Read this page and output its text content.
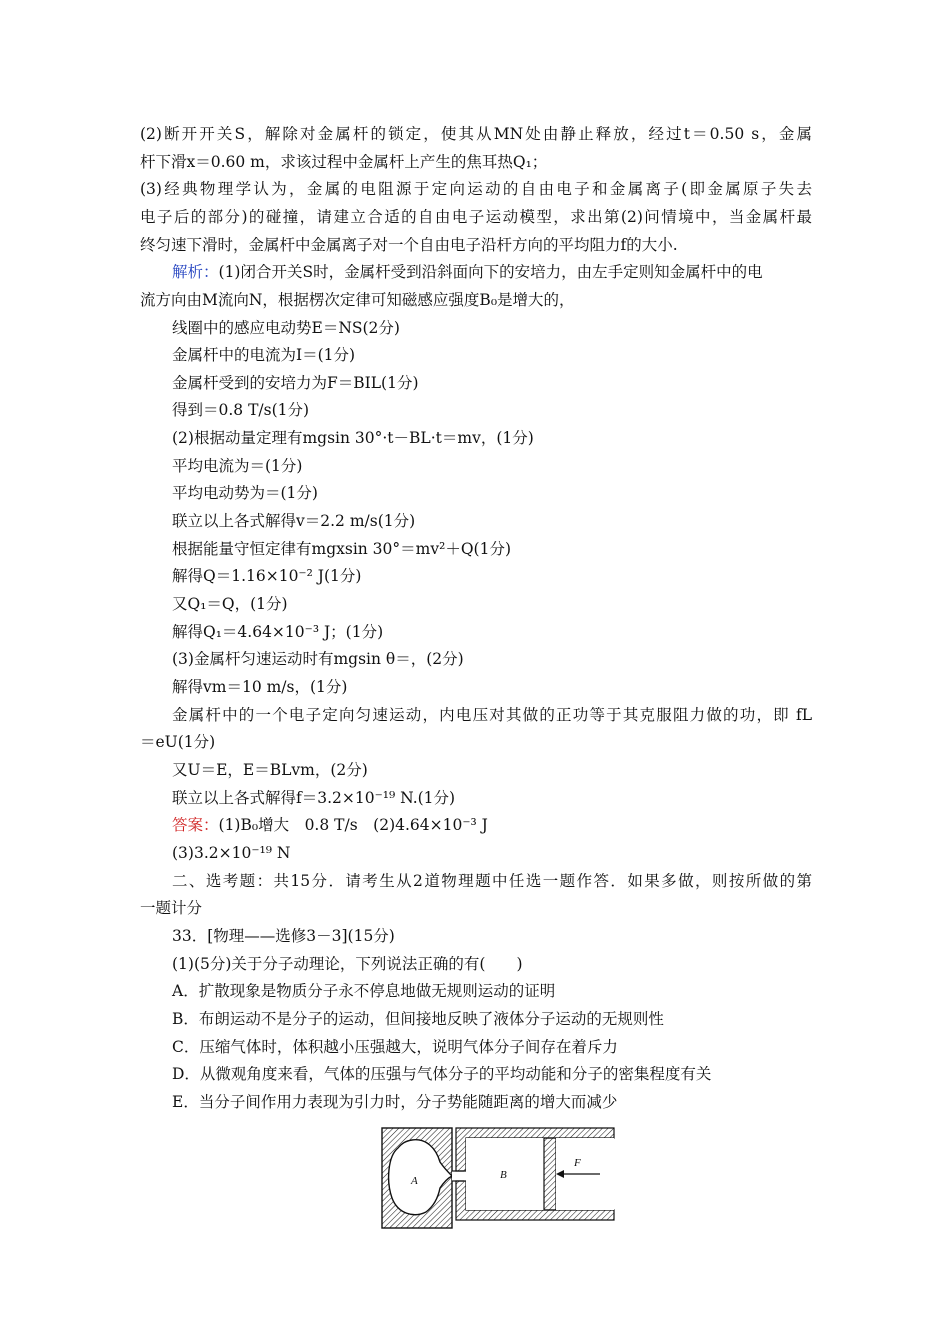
(2)断开开关S，解除对金属杆的锁定，使其从MN处由静止释放，经过t＝0.50 s，金属
杆下滑x＝0.60 m，求该过程中金属杆上产生的焦耳热Q₁；
(3)经典物理学认为，金属的电阻源于定向运动的自由电子和金属离子(即金属原子失去
电子后的部分)的碰撞，请建立合适的自由电子运动模型，求出第(2)问情境中，当金属杆最
终匀速下滑时，金属杆中金属离子对一个自由电子沿杆方向的平均阻力f的大小.
解析：(1)闭合开关S时，金属杆受到沿斜面向下的安培力，由左手定则知金属杆中的电
流方向由M流向N，根据楞次定律可知磁感应强度B₀是增大的，
线圈中的感应电动势E＝NS(2分)
金属杆中的电流为I＝(1分)
金属杆受到的安培力为F＝BIL(1分)
得到＝0.8 T/s(1分)
(2)根据动量定理有mgsin 30°·t－BL·t＝mv，(1分)
平均电流为＝(1分)
平均电动势为＝(1分)
联立以上各式解得v＝2.2 m/s(1分)
根据能量守恒定律有mgxsin 30°＝mv²＋Q(1分)
解得Q＝1.16×10⁻² J(1分)
又Q₁＝Q，(1分)
解得Q₁＝4.64×10⁻³ J；(1分)
(3)金属杆匀速运动时有mgsin θ＝，(2分)
解得vm＝10 m/s，(1分)
金属杆中的一个电子定向匀速运动，内电压对其做的正功等于其克服阻力做的功，即 fL
＝eU(1分)
又U＝E，E＝BLvm，(2分)
联立以上各式解得f＝3.2×10⁻¹⁹ N.(1分)
答案：(1)B₀增大　0.8 T/s　(2)4.64×10⁻³ J
(3)3.2×10⁻¹⁹ N
二、选考题：共15分．请考生从2道物理题中任选一题作答．如果多做，则按所做的第
一题计分
33．[物理——选修3－3](15分)
(1)(5分)关于分子动理论，下列说法正确的有(　　)
A．扩散现象是物质分子永不停息地做无规则运动的证明
B．布朗运动不是分子的运动，但间接地反映了液体分子运动的无规则性
C．压缩气体时，体积越小压强越大，说明气体分子间存在着斥力
D．从微观角度来看，气体的压强与气体分子的平均动能和分子的密集程度有关
E．当分子间作用力表现为引力时，分子势能随距离的增大而减少
A	B
F
